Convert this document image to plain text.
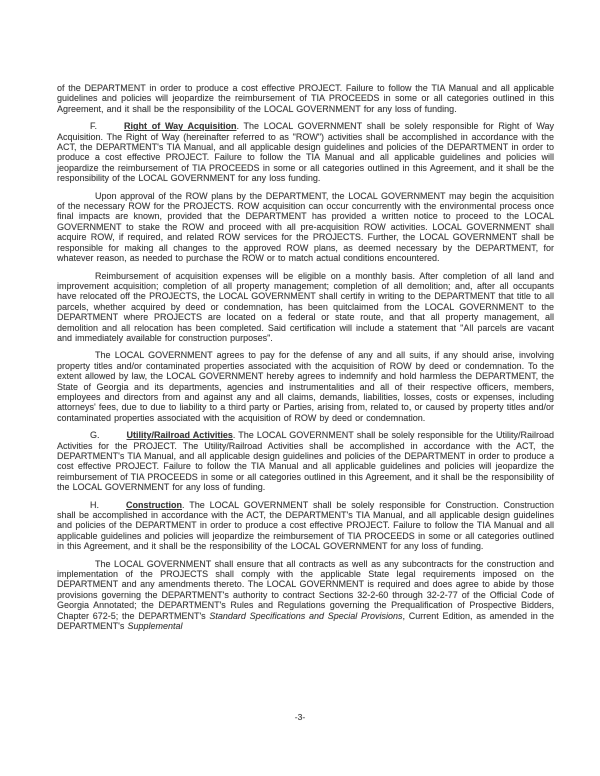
of the DEPARTMENT in order to produce a cost effective PROJECT. Failure to follow the TIA Manual and all applicable guidelines and policies will jeopardize the reimbursement of TIA PROCEEDS in some or all categories outlined in this Agreement, and it shall be the responsibility of the LOCAL GOVERNMENT for any loss of funding.

F.	Right of Way Acquisition. The LOCAL GOVERNMENT shall be solely responsible for Right of Way Acquisition. The Right of Way (hereinafter referred to as "ROW") activities shall be accomplished in accordance with the ACT, the DEPARTMENT's TIA Manual, and all applicable design guidelines and policies of the DEPARTMENT in order to produce a cost effective PROJECT. Failure to follow the TIA Manual and all applicable guidelines and policies will jeopardize the reimbursement of TIA PROCEEDS in some or all categories outlined in this Agreement, and it shall be the responsibility of the LOCAL GOVERNMENT for any loss funding.

Upon approval of the ROW plans by the DEPARTMENT, the LOCAL GOVERNMENT may begin the acquisition of the necessary ROW for the PROJECTS. ROW acquisition can occur concurrently with the environmental process once final impacts are known, provided that the DEPARTMENT has provided a written notice to proceed to the LOCAL GOVERNMENT to stake the ROW and proceed with all pre-acquisition ROW activities. LOCAL GOVERNMENT shall acquire ROW, if required, and related ROW services for the PROJECTS. Further, the LOCAL GOVERNMENT shall be responsible for making all changes to the approved ROW plans, as deemed necessary by the DEPARTMENT, for whatever reason, as needed to purchase the ROW or to match actual conditions encountered.

Reimbursement of acquisition expenses will be eligible on a monthly basis. After completion of all land and improvement acquisition; completion of all property management; completion of all demolition; and, after all occupants have relocated off the PROJECTS, the LOCAL GOVERNMENT shall certify in writing to the DEPARTMENT that title to all parcels, whether acquired by deed or condemnation, has been quitclaimed from the LOCAL GOVERNMENT to the DEPARTMENT where PROJECTS are located on a federal or state route, and that all property management, all demolition and all relocation has been completed. Said certification will include a statement that "All parcels are vacant and immediately available for construction purposes".

The LOCAL GOVERNMENT agrees to pay for the defense of any and all suits, if any should arise, involving property titles and/or contaminated properties associated with the acquisition of ROW by deed or condemnation. To the extent allowed by law, the LOCAL GOVERNMENT hereby agrees to indemnify and hold harmless the DEPARTMENT, the State of Georgia and its departments, agencies and instrumentalities and all of their respective officers, members, employees and directors from and against any and all claims, demands, liabilities, losses, costs or expenses, including attorneys' fees, due to due to liability to a third party or Parties, arising from, related to, or caused by property titles and/or contaminated properties associated with the acquisition of ROW by deed or condemnation.

G.	Utility/Railroad Activities. The LOCAL GOVERNMENT shall be solely responsible for the Utility/Railroad Activities for the PROJECT. The Utility/Railroad Activities shall be accomplished in accordance with the ACT, the DEPARTMENT's TIA Manual, and all applicable design guidelines and policies of the DEPARTMENT in order to produce a cost effective PROJECT. Failure to follow the TIA Manual and all applicable guidelines and policies will jeopardize the reimbursement of TIA PROCEEDS in some or all categories outlined in this Agreement, and it shall be the responsibility of the LOCAL GOVERNMENT for any loss of funding.

H.	Construction. The LOCAL GOVERNMENT shall be solely responsible for Construction. Construction shall be accomplished in accordance with the ACT, the DEPARTMENT's TIA Manual, and all applicable design guidelines and policies of the DEPARTMENT in order to produce a cost effective PROJECT. Failure to follow the TIA Manual and all applicable guidelines and policies will jeopardize the reimbursement of TIA PROCEEDS in some or all categories outlined in this Agreement, and it shall be the responsibility of the LOCAL GOVERNMENT for any loss of funding.

The LOCAL GOVERNMENT shall ensure that all contracts as well as any subcontracts for the construction and implementation of the PROJECTS shall comply with the applicable State legal requirements imposed on the DEPARTMENT and any amendments thereto. The LOCAL GOVERNMENT is required and does agree to abide by those provisions governing the DEPARTMENT's authority to contract Sections 32-2-60 through 32-2-77 of the Official Code of Georgia Annotated; the DEPARTMENT's Rules and Regulations governing the Prequalification of Prospective Bidders, Chapter 672-5; the DEPARTMENT's Standard Specifications and Special Provisions, Current Edition, as amended in the DEPARTMENT's Supplemental

-3-
